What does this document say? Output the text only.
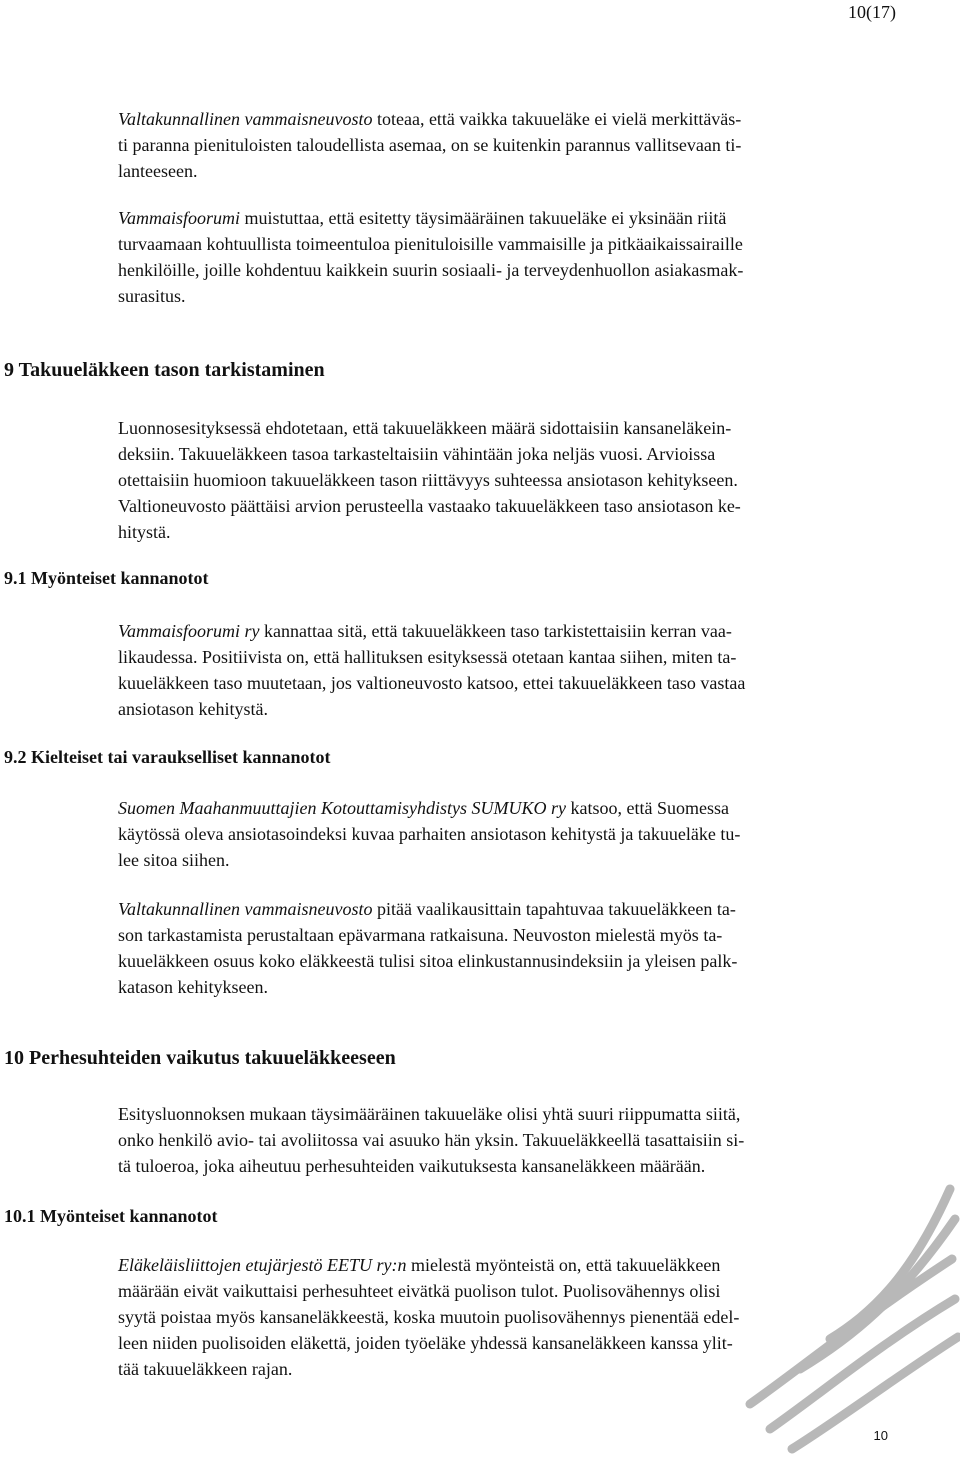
10(17)
Valtakunnallinen vammaisneuvosto toteaa, että vaikka takuueläke ei vielä merkittäväs-
ti paranna pienituloisten taloudellista asemaa, on se kuitenkin parannus vallitsevaan ti-
lanteeseen.
Vammaisfoorumi muistuttaa, että esitetty täysimääräinen takuueläke ei yksinään riitä
turvaamaan kohtuullista toimeentuloa pienituloisille vammaisille ja pitkäaikaissairaille
henkilöille, joille kohdentuu kaikkein suurin sosiaali- ja terveydenhuollon asiakasmak-
surasitus.
9 Takuueläkkeen tason tarkistaminen
Luonnosesityksessä ehdotetaan, että takuueläkkeen määrä sidottaisiin kansaneläkein-
deksiin. Takuueläkkeen tasoa tarkasteltaisiin vähintään joka neljäs vuosi. Arvioissa
otettaisiin huomioon takuueläkkeen tason riittävyys suhteessa ansiotason kehitykseen.
Valtioneuvosto päättäisi arvion perusteella vastaako takuueläkkeen taso ansiotason ke-
hitystä.
9.1 Myönteiset kannanotot
Vammaisfoorumi ry kannattaa sitä, että takuueläkkeen taso tarkistettaisiin kerran vaa-
likaudessa. Positiivista on, että hallituksen esityksessä otetaan kantaa siihen, miten ta-
kuueläkkeen taso muutetaan, jos valtioneuvosto katsoo, ettei takuueläkkeen taso vastaa
ansiotason kehitystä.
9.2 Kielteiset tai varaukselliset kannanotot
Suomen Maahanmuuttajien Kotouttamisyhdistys SUMUKO ry katsoo, että Suomessa
käytössä oleva ansiotasoindeksi kuvaa parhaiten ansiotason kehitystä ja takuueläke tu-
lee sitoa siihen.
Valtakunnallinen vammaisneuvosto pitää vaalikausittain tapahtuvaa takuueläkkeen ta-
son tarkastamista perustaltaan epävarmana ratkaisuna. Neuvoston mielestä myös ta-
kuueläkkeen osuus koko eläkkeestä tulisi sitoa elinkustannusindeksiin ja yleisen palk-
katason kehitykseen.
10 Perhesuhteiden vaikutus takuueläkkeeseen
Esitysluonnoksen mukaan täysimääräinen takuueläke olisi yhtä suuri riippumatta siitä,
onko henkilö avio- tai avoliitossa vai asuuko hän yksin. Takuueläkkeellä tasattaisiin si-
tä tuloeroa, joka aiheutuu perhesuhteiden vaikutuksesta kansaneläkkeen määrään.
10.1 Myönteiset kannanotot
Eläkeläisliittojen etujärjestö EETU ry:n mielestä myönteistä on, että takuueläkkeen
määrään eivät vaikuttaisi perhesuhteet eivätkä puolison tulot. Puolisovähennys olisi
syytä poistaa myös kansaneläkkeestä, koska muutoin puolisovähennys pienentää edel-
leen niiden puolisoiden eläkettä, joiden työeläke yhdessä kansaneläkkeen kanssa ylit-
tää takuueläkkeen rajan.
10
